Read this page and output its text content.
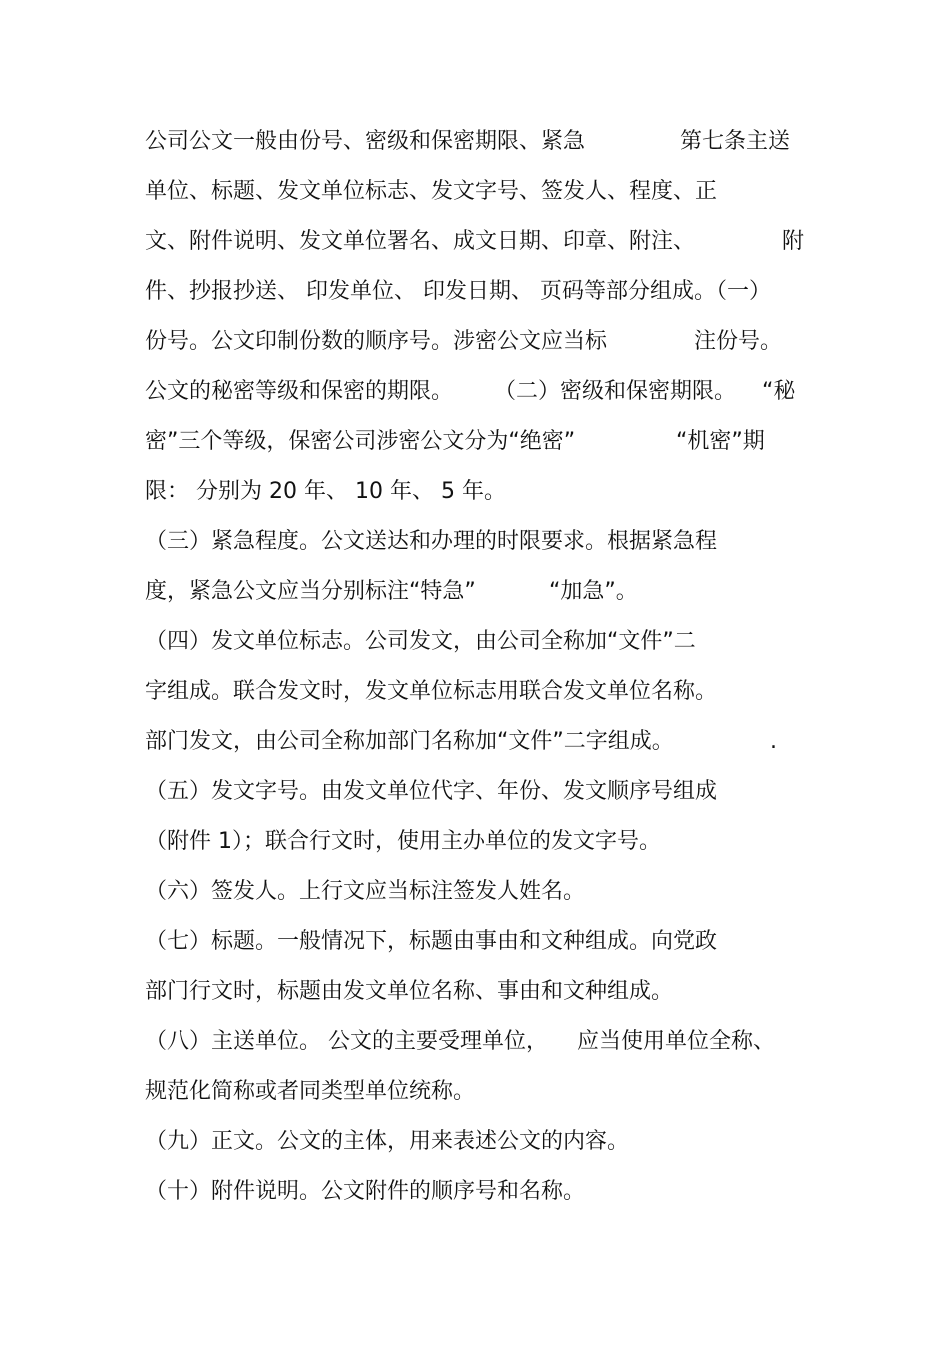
公司公文一般由份号、密级和保密期限、紧急	第七条主送
单位、标题、发文单位标志、发文字号、签发人、程度、正
文、附件说明、发文单位署名、成文日期、印章、附注、	附
件、抄报抄送、 印发单位、 印发日期、 页码等部分组成。（一）
份号。公文印制份数的顺序号。涉密公文应当标	注份号。
公文的秘密等级和保密的期限。 （二）密级和保密期限。 “秘
密”三个等级，保密公司涉密公文分为“绝密”	“机密”期
限： 分别为 20 年、 10 年、 5 年。
（三）紧急程度。公文送达和办理的时限要求。根据紧急程
度，紧急公文应当分别标注“特急”	“加急”。
（四）发文单位标志。公司发文，由公司全称加“文件”二
字组成。联合发文时，发文单位标志用联合发文单位名称。
部门发文，由公司全称加部门名称加“文件”二字组成。	.
（五）发文字号。由发文单位代字、年份、发文顺序号组成
（附件 1）；联合行文时，使用主办单位的发文字号。
（六）签发人。上行文应当标注签发人姓名。
（七）标题。一般情况下，标题由事由和文种组成。向党政
部门行文时，标题由发文单位名称、事由和文种组成。
（八）主送单位。 公文的主要受理单位， 应当使用单位全称、
规范化简称或者同类型单位统称。
（九）正文。公文的主体，用来表述公文的内容。
（十）附件说明。公文附件的顺序号和名称。
